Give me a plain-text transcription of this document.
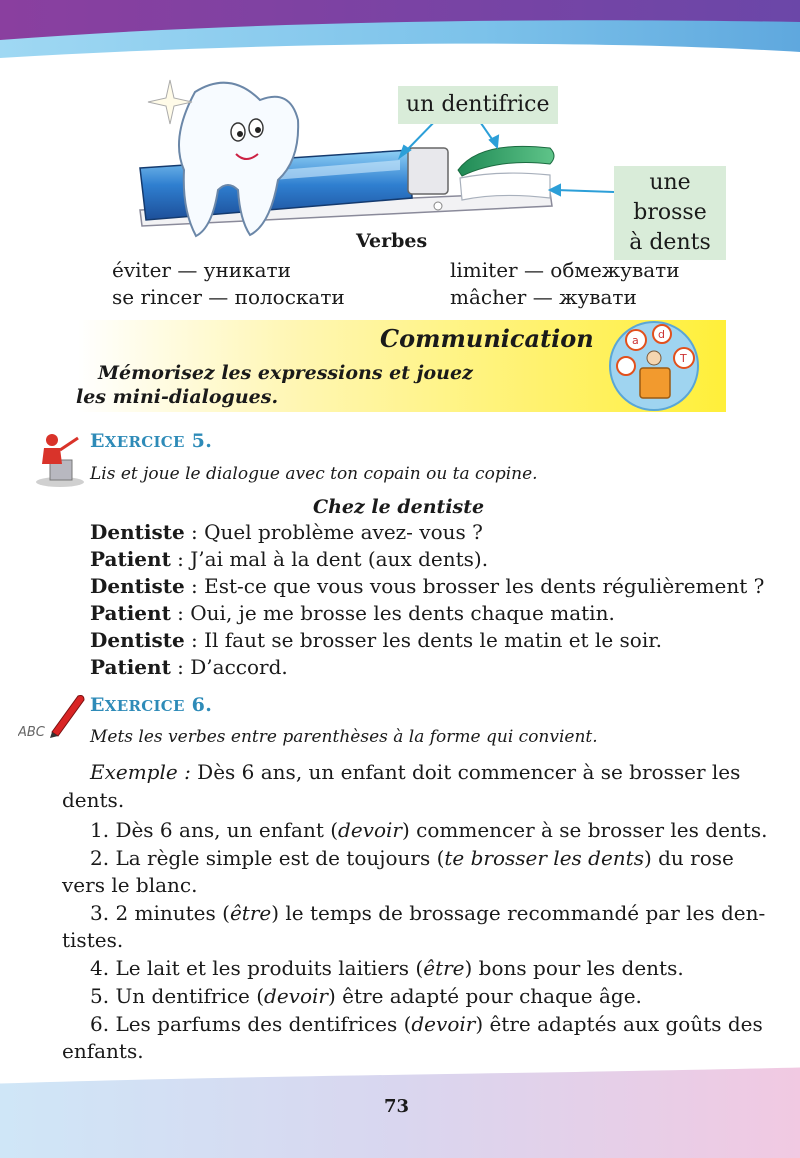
un dentifrice
une brosse
à dents
Verbes
éviter — уникати	limiter — обмежувати
se rincer — полоскати	mâcher — жувати
Communication
Mémorisez les expressions et jouez
les mini-dialogues.
a d
T
EXERCICE 5.
Lis et joue le dialogue avec ton copain ou ta copine.
Chez le dentiste
Dentiste : Quel problème avez- vous ?
Patient : J’ai mal à la dent (aux dents).
Dentiste : Est-ce que vous vous brosser les dents régulièrement ?
Patient : Oui, je me brosse les dents chaque matin.
Dentiste : Il faut se brosser les dents le matin et le soir.
Patient : D’accord.
ABC
EXERCICE 6.
Mets les verbes entre parenthèses à la forme qui convient.
Exemple : Dès 6 ans, un enfant doit commencer à se brosser les
dents.
1. Dès 6 ans, un enfant (devoir) commencer à se brosser les dents.
2. La règle simple est de toujours (te brosser les dents) du rose
vers le blanc.
3. 2 minutes (être) le temps de brossage recommandé par les den-
tistes.
4. Le lait et les produits laitiers (être) bons pour les dents.
5. Un dentifrice (devoir) être adapté pour chaque âge.
6. Les parfums des dentifrices (devoir) être adaptés aux goûts des
enfants.
73
